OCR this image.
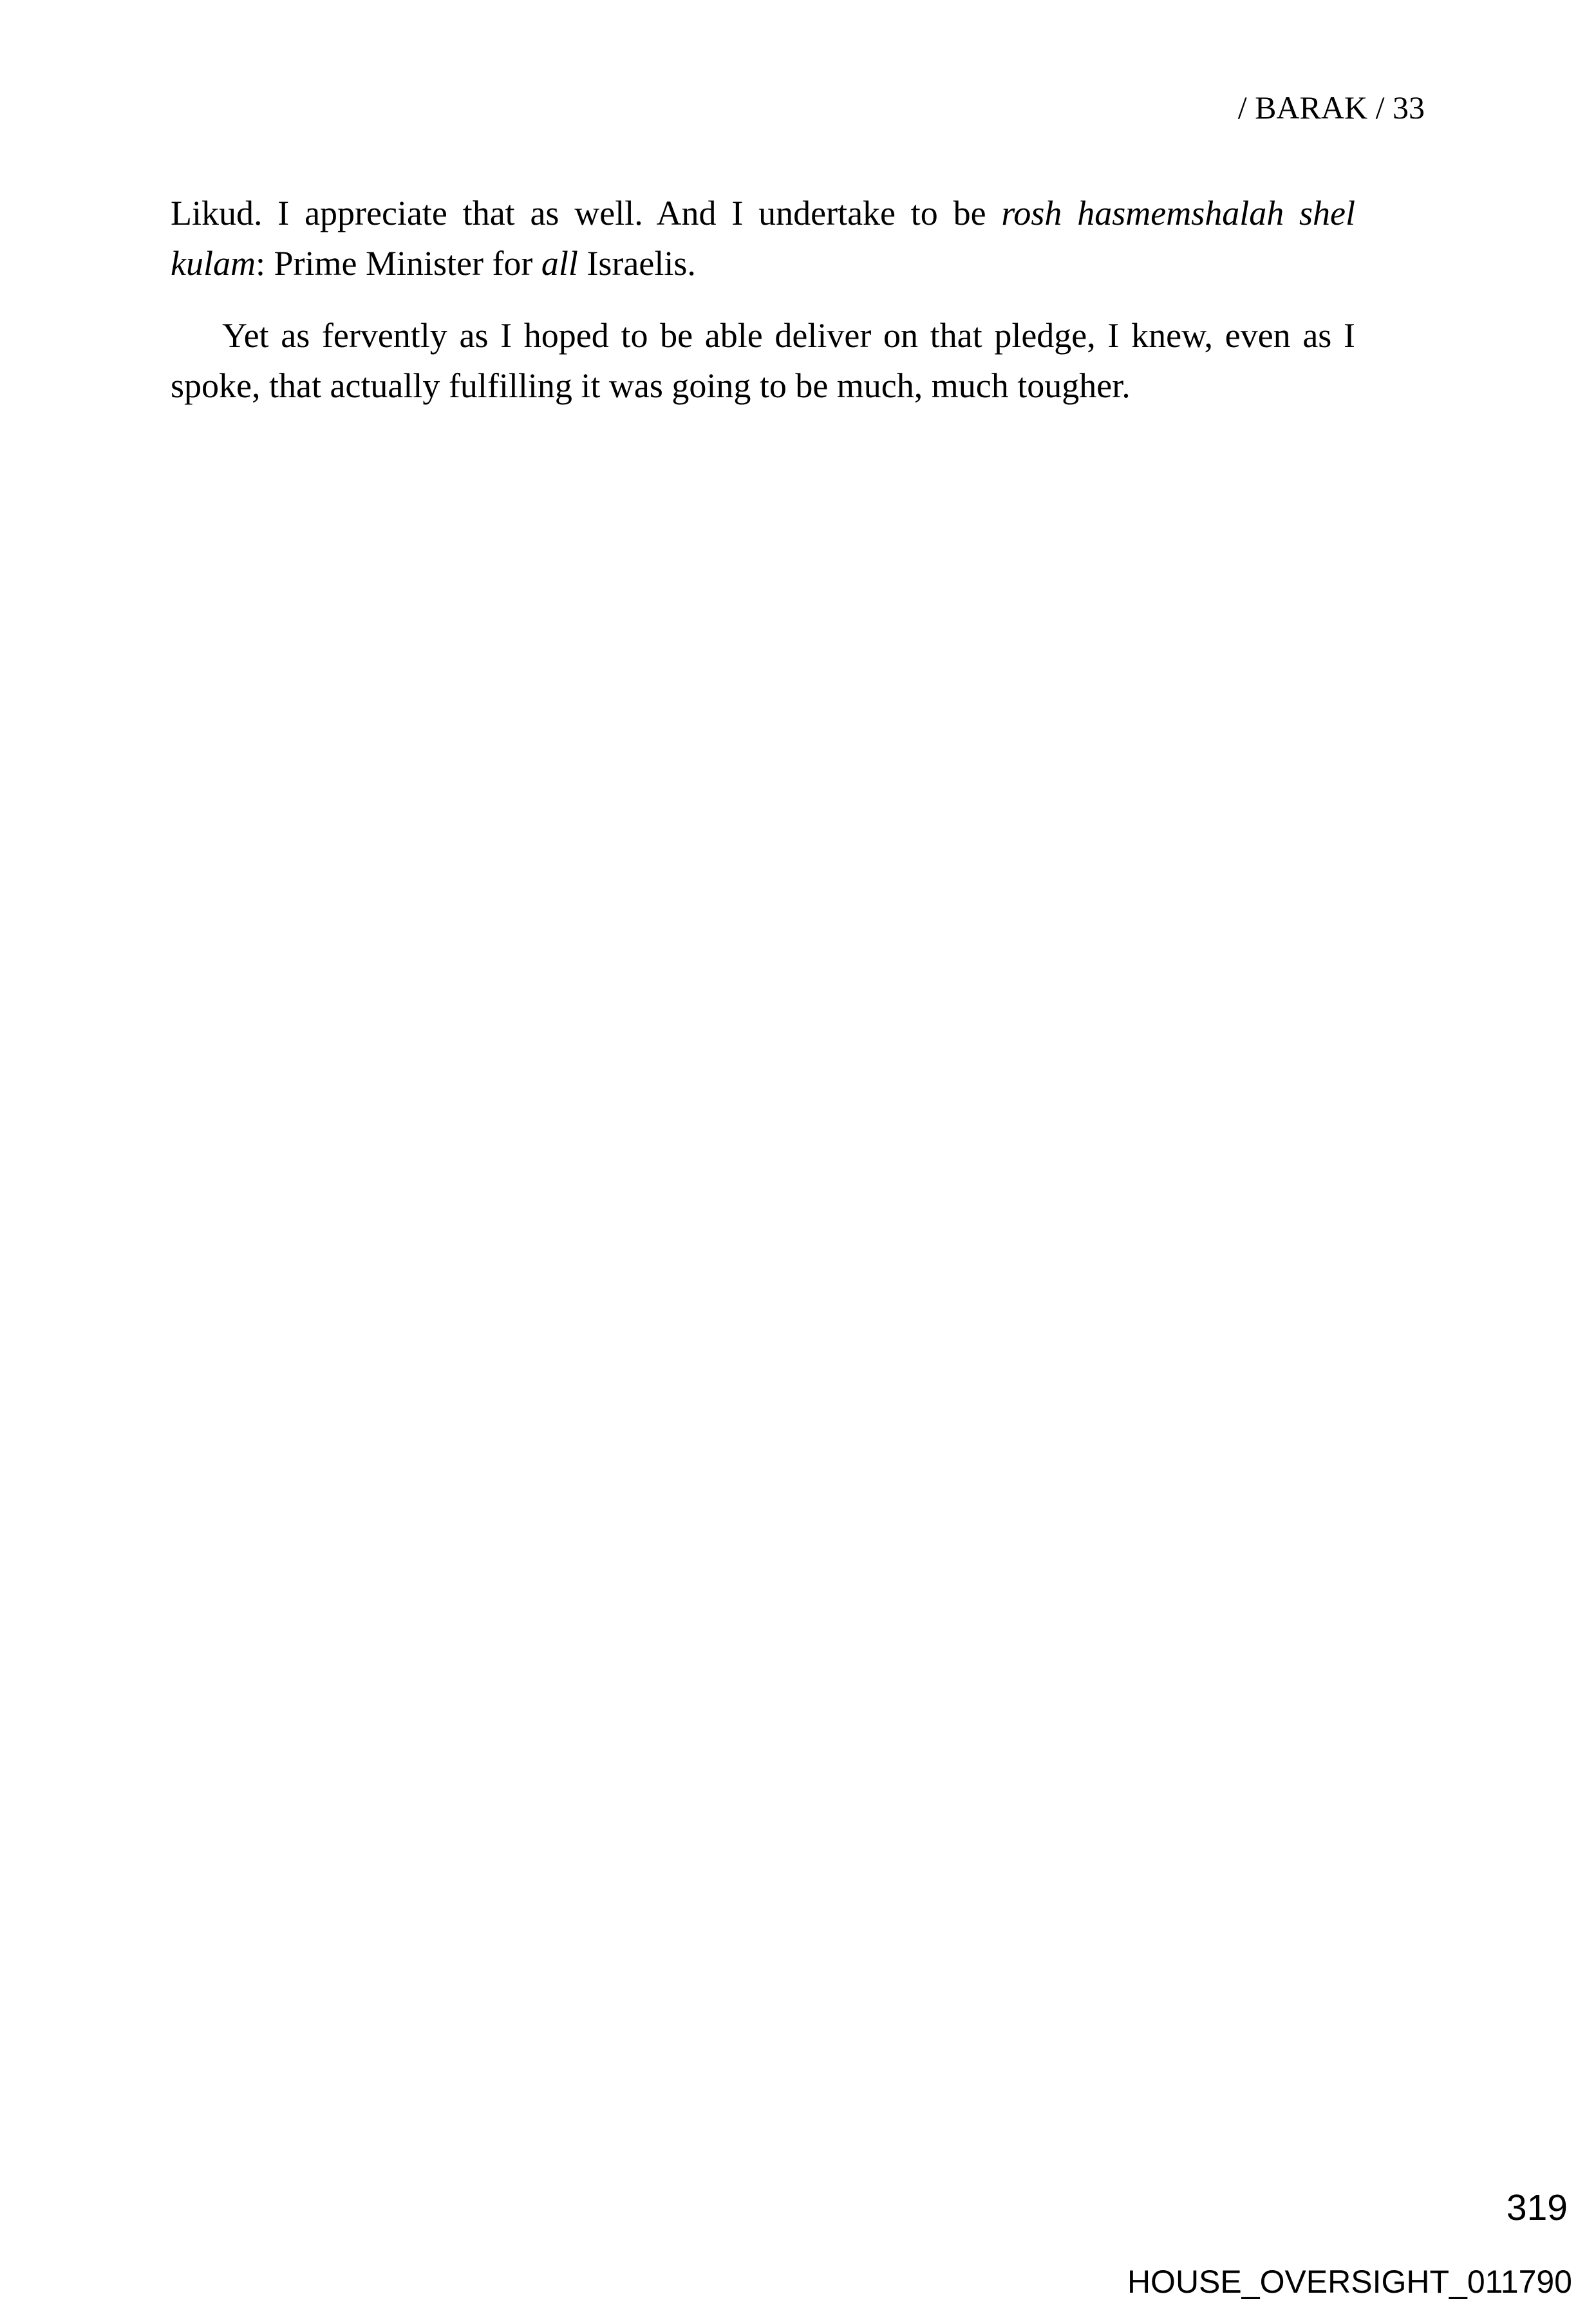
/ BARAK / 33

Likud. I appreciate that as well. And I undertake to be rosh hasmemshalah shel kulam: Prime Minister for all Israelis.

Yet as fervently as I hoped to be able deliver on that pledge, I knew, even as I spoke, that actually fulfilling it was going to be much, much tougher.

319
HOUSE_OVERSIGHT_011790
